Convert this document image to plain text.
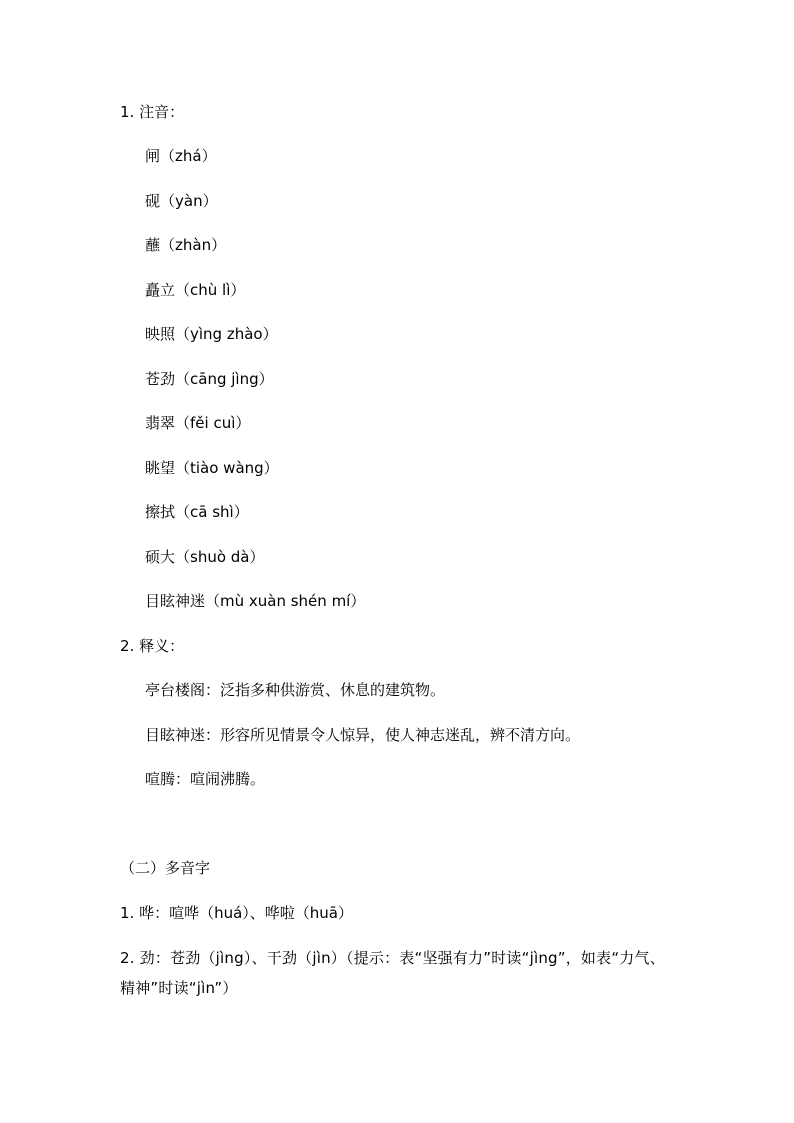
1. 注音：
闸（zhá）
砚（yàn）
蘸（zhàn）
矗立（chù lì）
映照（yìng zhào）
苍劲（cāng jìng）
翡翠（fěi cuì）
眺望（tiào wàng）
擦拭（cā shì）
硕大（shuò dà）
目眩神迷（mù xuàn shén mí）
2. 释义：
亭台楼阁：泛指多种供游赏、休息的建筑物。
目眩神迷：形容所见情景令人惊异，使人神志迷乱，辨不清方向。
喧腾：喧闹沸腾。
（二）多音字
1. 哗：喧哗（huá）、哗啦（huā）
2. 劲：苍劲（jìng）、干劲（jìn）（提示：表“坚强有力”时读“jìng”，如表“力气、精神”时读“jìn”）
